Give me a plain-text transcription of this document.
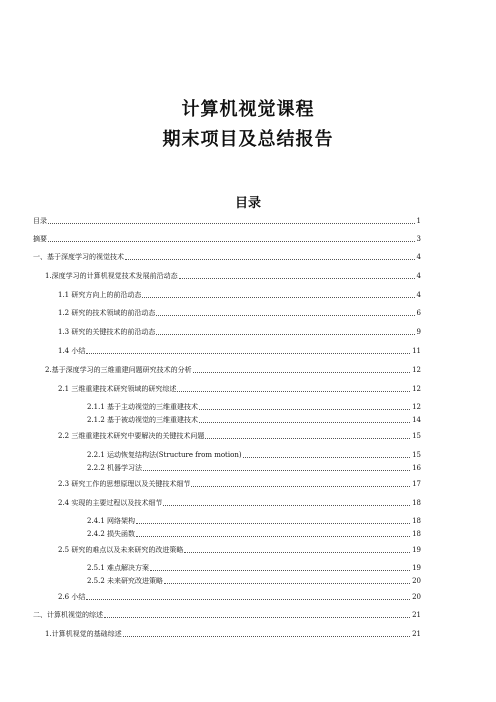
计算机视觉课程
期末项目及总结报告
目录
目录	1
摘要	3
一、基于深度学习的视觉技术	4
1.深度学习的计算机视觉技术发展前沿动态	4
1.1 研究方向上的前沿动态	4
1.2 研究的技术领域的前沿动态	6
1.3 研究的关键技术的前沿动态	9
1.4 小结	11
2.基于深度学习的三维重建问题研究技术的分析	12
2.1 三维重建技术研究领域的研究综述	12
2.1.1 基于主动视觉的三维重建技术	12
2.1.2 基于被动视觉的三维重建技术	14
2.2 三维重建技术研究中要解决的关键技术问题	15
2.2.1 运动恢复结构法(Structure from motion)	15
2.2.2 机器学习法	16
2.3 研究工作的思想原理以及关键技术细节	17
2.4 实现的主要过程以及技术细节	18
2.4.1 网络架构	18
2.4.2 损失函数	18
2.5 研究的难点以及未来研究的改进策略	19
2.5.1 难点解决方案	19
2.5.2 未来研究改进策略	20
2.6 小结	20
二、计算机视觉的综述	21
1.计算机视觉的基础综述	21
